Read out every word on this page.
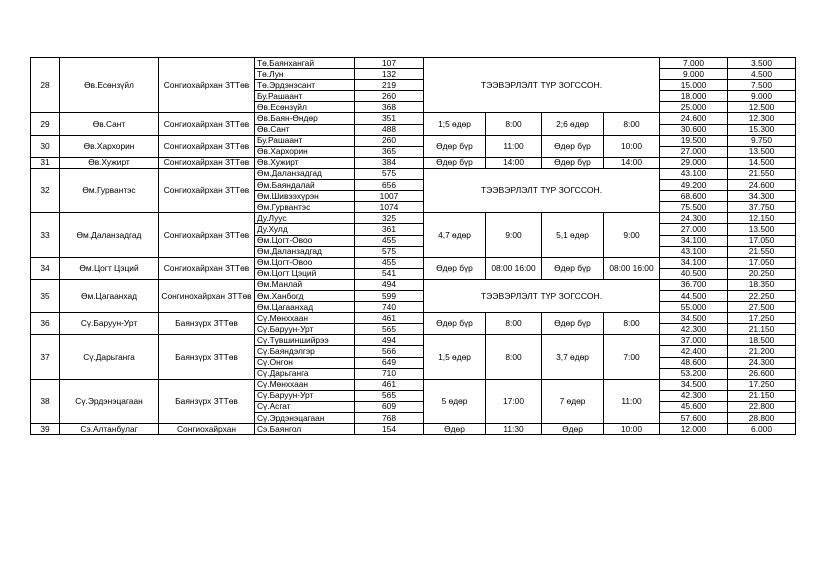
28	Өв.Есөнзүйл	Сонгиохайрхан ЗТТөв	Тө.Баянхангай	107	ТЭЭВЭРЛЭЛТ ТҮР ЗОГССОН.				7.000	3.500
			Тө.Лун	132					9.000	4.500
			Тө.Эрдэнэсант	219					15.000	7.500
			Бу.Рашаант	260					18.000	9.000
			Өв.Есөнзүйл	368					25.000	12.500
29	Өв.Сант	Сонгиохайрхан ЗТТөв	Өв.Баян-Өндөр	351	1;5 өдөр	8:00	2;6 өдөр	8:00	24.600	12.300
			Өв.Сант	488					30.600	15.300
30	Өв.Хархорин	Сонгиохайрхан ЗТТөв	Бу.Рашаант	260	Өдөр бүр	11:00	Өдөр бүр	10:00	19.500	9.750
			Өв.Хархорин	365					27.000	13.500
31	Өв.Хужирт	Сонгиохайрхан ЗТТөв	Өв.Хужирт	384	Өдөр бүр	14:00	Өдөр бүр	14:00	29.000	14.500
32	Өм.Гурвантэс	Сонгиохайрхан ЗТТөв	Өм.Даланзадгад	575	ТЭЭВЭРЛЭЛТ ТҮР ЗОГССОН.				43.100	21.550
			Өм.Баяндалай	656					49.200	24.600
			Өм.Шивээхүрэн	1007					68.600	34.300
			Өм.Гурвантэс	1074					75.500	37.750
33	Өм.Даланзадгад	Сонгиохайрхан ЗТТөв	Ду.Луус	325	4,7 өдөр	9:00	5,1 өдөр	9:00	24.300	12.150
			Ду.Хулд	361					27.000	13.500
			Өм.Цогт-Овоо	455					34.100	17.050
			Өм.Даланзадгад	575					43.100	21.550
34	Өм.Цогт Цэций	Сонгиохайрхан ЗТТөв	Өм.Цогт-Овоо	455	Өдөр бүр	08:00 16:00	Өдөр бүр	08:00 16:00	34.100	17.050
			Өм.Цогт Цэций	541					40.500	20.250
35	Өм.Цагаанхад	Сонгинохайрхан ЗТТөв	Өм.Манлай	494	ТЭЭВЭРЛЭЛТ ТҮР ЗОГССОН.				36.700	18.350
			Өм.Ханбогд	599					44.500	22.250
			Өм.Цагаанхад	740					55.000	27.500
36	Сү.Баруун-Урт	Баянзүрх ЗТТөв	Сү.Мөнххаан	461	Өдөр бүр	8:00	Өдөр бүр	8:00	34.500	17.250
			Сү.Баруун-Урт	565					42.300	21.150
37	Сү.Дарьганга	Баянзүрх ЗТТөв	Сү.Түвшиншийрээ	494	1,5 өдөр	8:00	3,7 өдөр	7:00	37.000	18.500
			Сү.Баяндэлгэр	566					42.400	21.200
			Сү.Онгон	649					48.600	24.300
			Сү.Дарьганга	710					53.200	26.600
38	Сү.Эрдэнэцагаан	Баянзүрх ЗТТөв	Сү.Мөнххаан	461	5 өдөр	17:00	7 өдөр	11:00	34.500	17.250
			Сү.Баруун-Урт	565					42.300	21.150
			Сү.Асгат	609					45.600	22.800
			Сү.Эрдэнэцагаан	768					57.600	28.800
39	Сэ.Алтанбулаг	Сонгиохайрхан	Сэ.Баянгол	154	Өдөр	11:30	Өдөр	10:00	12.000	6.000
